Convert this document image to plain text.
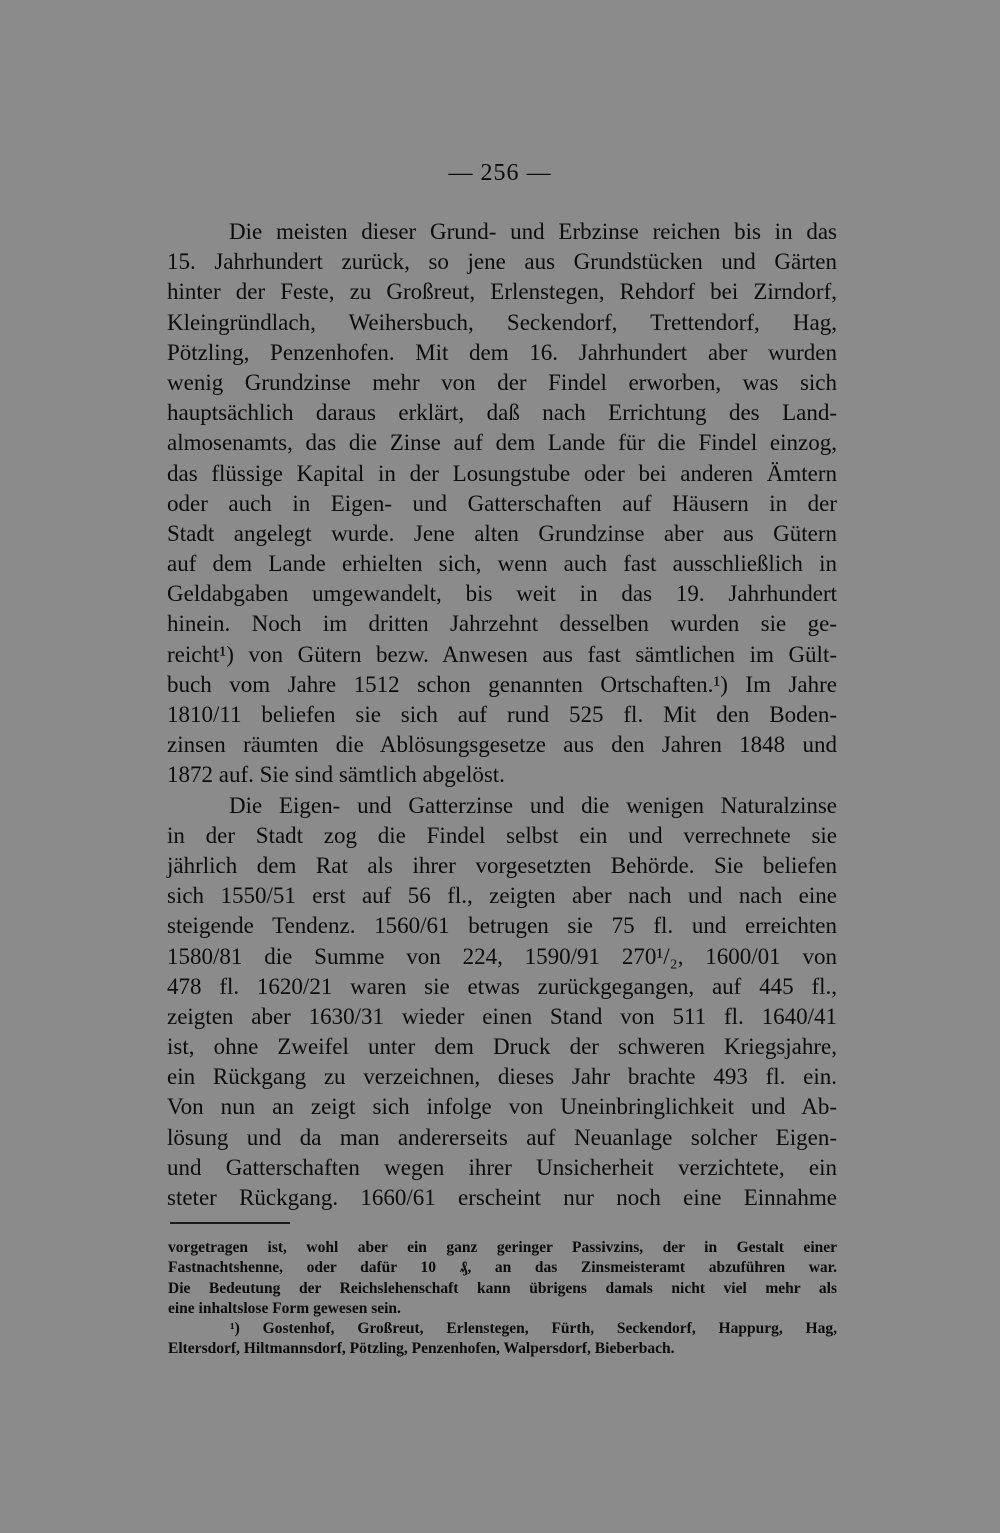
— 256 —
Die meisten dieser Grund- und Erbzinse reichen bis in das
15. Jahrhundert zurück, so jene aus Grundstücken und Gärten
hinter der Feste, zu Großreut, Erlenstegen, Rehdorf bei Zirndorf,
Kleingründlach, Weihersbuch, Seckendorf, Trettendorf, Hag,
Pötzling, Penzenhofen. Mit dem 16. Jahrhundert aber wurden
wenig Grundzinse mehr von der Findel erworben, was sich
hauptsächlich daraus erklärt, daß nach Errichtung des Land-
almosenamts, das die Zinse auf dem Lande für die Findel einzog,
das flüssige Kapital in der Losungstube oder bei anderen Ämtern
oder auch in Eigen- und Gatterschaften auf Häusern in der
Stadt angelegt wurde. Jene alten Grundzinse aber aus Gütern
auf dem Lande erhielten sich, wenn auch fast ausschließlich in
Geldabgaben umgewandelt, bis weit in das 19. Jahrhundert
hinein. Noch im dritten Jahrzehnt desselben wurden sie ge-
reicht¹) von Gütern bezw. Anwesen aus fast sämtlichen im Gült-
buch vom Jahre 1512 schon genannten Ortschaften.¹) Im Jahre
1810/11 beliefen sie sich auf rund 525 fl. Mit den Boden-
zinsen räumten die Ablösungsgesetze aus den Jahren 1848 und
1872 auf. Sie sind sämtlich abgelöst.
Die Eigen- und Gatterzinse und die wenigen Naturalzinse
in der Stadt zog die Findel selbst ein und verrechnete sie
jährlich dem Rat als ihrer vorgesetzten Behörde. Sie beliefen
sich 1550/51 erst auf 56 fl., zeigten aber nach und nach eine
steigende Tendenz. 1560/61 betrugen sie 75 fl. und erreichten
1580/81 die Summe von 224, 1590/91 270¹/₂, 1600/01 von
478 fl. 1620/21 waren sie etwas zurückgegangen, auf 445 fl.,
zeigten aber 1630/31 wieder einen Stand von 511 fl. 1640/41
ist, ohne Zweifel unter dem Druck der schweren Kriegsjahre,
ein Rückgang zu verzeichnen, dieses Jahr brachte 493 fl. ein.
Von nun an zeigt sich infolge von Uneinbringlichkeit und Ab-
lösung und da man andererseits auf Neuanlage solcher Eigen-
und Gatterschaften wegen ihrer Unsicherheit verzichtete, ein
steter Rückgang. 1660/61 erscheint nur noch eine Einnahme
vorgetragen ist, wohl aber ein ganz geringer Passivzins, der in Gestalt einer
Fastnachtshenne, oder dafür 10 ₰, an das Zinsmeisteramt abzuführen war.
Die Bedeutung der Reichslehenschaft kann übrigens damals nicht viel mehr als
eine inhaltslose Form gewesen sein.
¹) Gostenhof, Großreut, Erlenstegen, Fürth, Seckendorf, Happurg, Hag,
Eltersdorf, Hiltmannsdorf, Pötzling, Penzenhofen, Walpersdorf, Bieberbach.
